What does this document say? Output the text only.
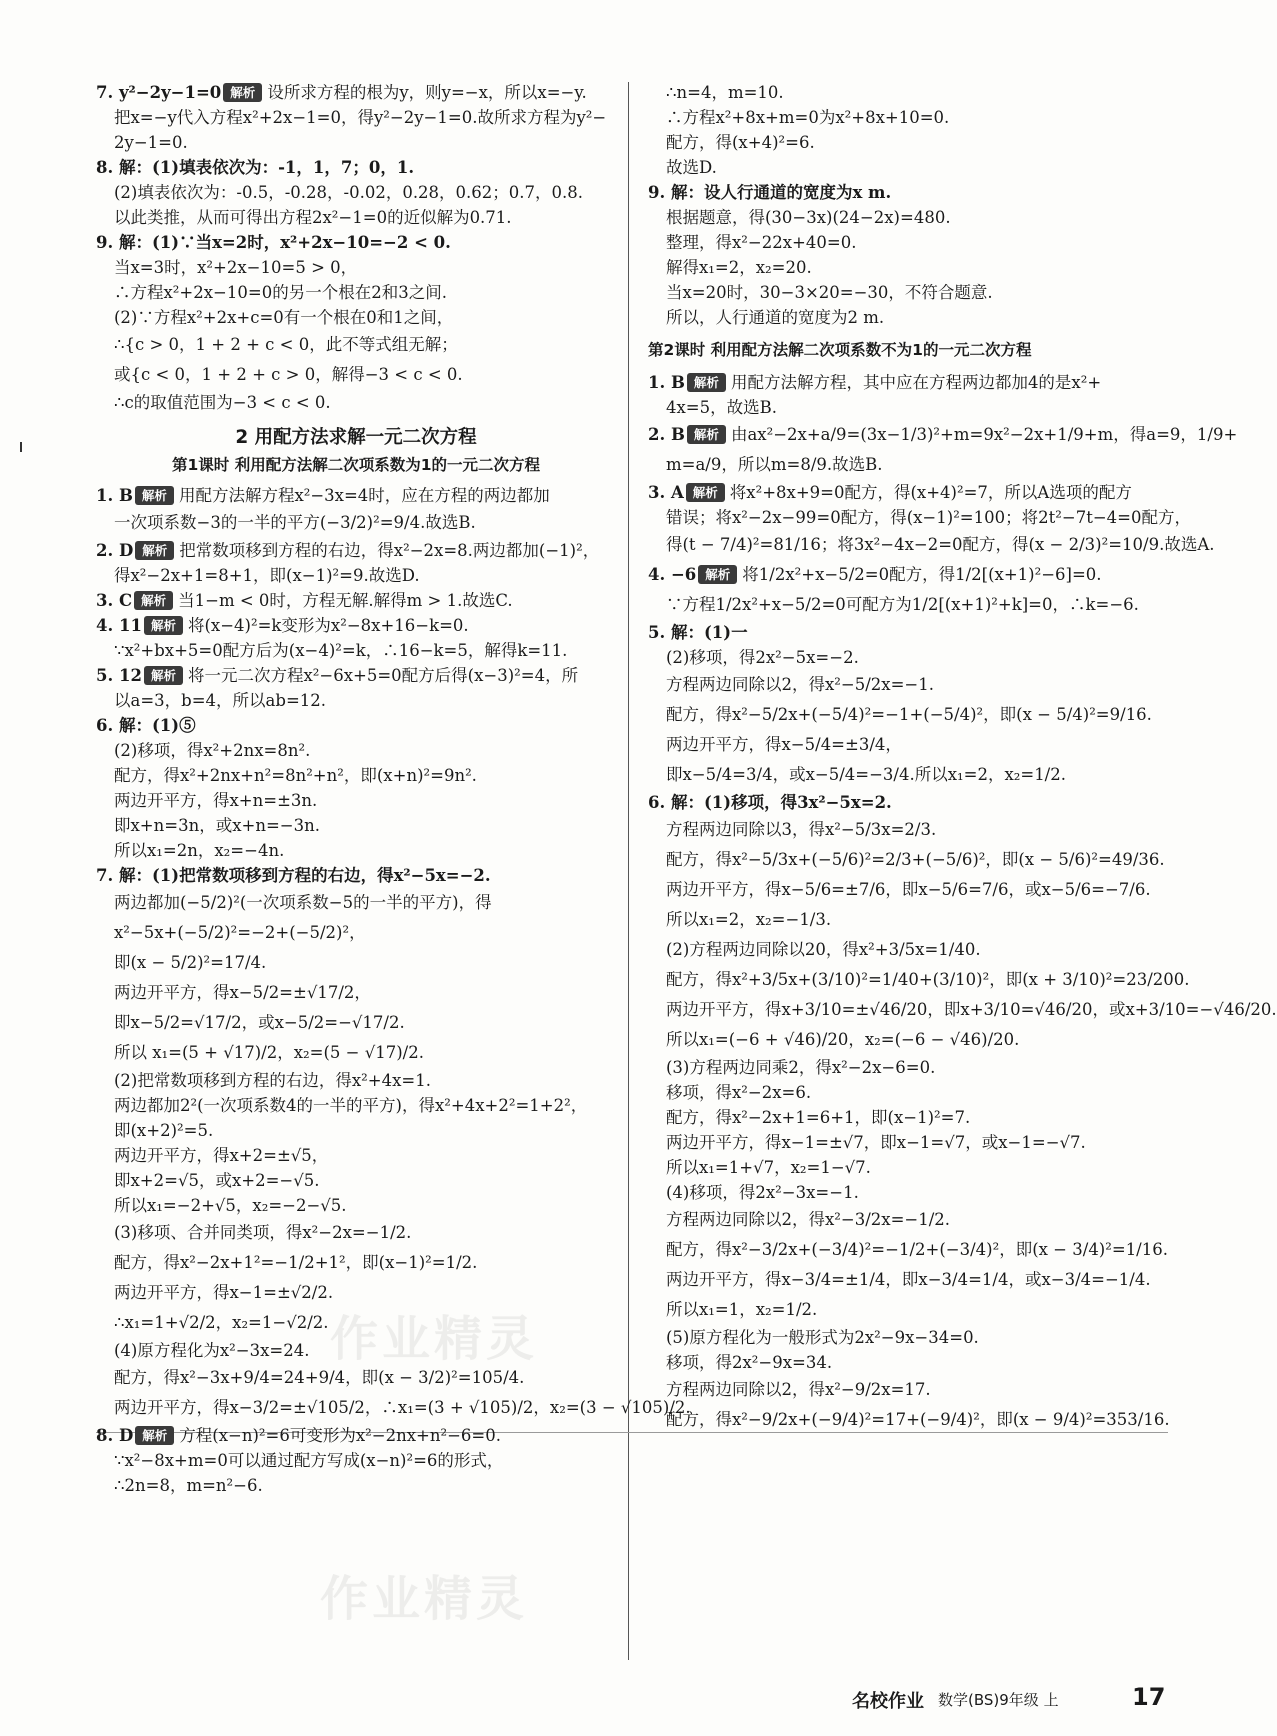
7. y²−2y−1=0 解析 设所求方程的根为y，则y=−x，所以x=−y.
把x=−y代入方程x²+2x−1=0，得y²−2y−1=0.故所求方程为y²−
2y−1=0.
8. 解：(1)填表依次为：-1，1，7；0，1.
(2)填表依次为：-0.5，-0.28，-0.02，0.28，0.62；0.7，0.8.
以此类推，从而可得出方程2x²−1=0的近似解为0.71.
9. 解：(1)∵当x=2时，x²+2x−10=−2 < 0.
当x=3时，x²+2x−10=5 > 0，
∴方程x²+2x−10=0的另一个根在2和3之间.
(2)∵方程x²+2x+c=0有一个根在0和1之间，
∴{c > 0，1 + 2 + c < 0，此不等式组无解；
或{c < 0，1 + 2 + c > 0，解得−3 < c < 0.
∴c的取值范围为−3 < c < 0.
2 用配方法求解一元二次方程
第1课时 利用配方法解二次项系数为1的一元二次方程
1. B 解析 用配方法解方程x²−3x=4时，应在方程的两边都加
一次项系数−3的一半的平方(−3/2)²=9/4.故选B.
2. D 解析 把常数项移到方程的右边，得x²−2x=8.两边都加(−1)²，
得x²−2x+1=8+1，即(x−1)²=9.故选D.
3. C 解析 当1−m < 0时，方程无解.解得m > 1.故选C.
4. 11 解析 将(x−4)²=k变形为x²−8x+16−k=0.
∵x²+bx+5=0配方后为(x−4)²=k，∴16−k=5，解得k=11.
5. 12 解析 将一元二次方程x²−6x+5=0配方后得(x−3)²=4，所
以a=3，b=4，所以ab=12.
6. 解：(1)⑤
(2)移项，得x²+2nx=8n².
配方，得x²+2nx+n²=8n²+n²，即(x+n)²=9n².
两边开平方，得x+n=±3n.
即x+n=3n，或x+n=−3n.
所以x₁=2n，x₂=−4n.
7. 解：(1)把常数项移到方程的右边，得x²−5x=−2.
两边都加(−5/2)²(一次项系数−5的一半的平方)，得
x²−5x+(−5/2)²=−2+(−5/2)²，
即(x − 5/2)²=17/4.
两边开平方，得x−5/2=±√17/2，
即x−5/2=√17/2，或x−5/2=−√17/2.
所以 x₁=(5 + √17)/2，x₂=(5 − √17)/2.
(2)把常数项移到方程的右边，得x²+4x=1.
两边都加2²(一次项系数4的一半的平方)，得x²+4x+2²=1+2²，
即(x+2)²=5.
两边开平方，得x+2=±√5，
即x+2=√5，或x+2=−√5.
所以x₁=−2+√5，x₂=−2−√5.
(3)移项、合并同类项，得x²−2x=−1/2.
配方，得x²−2x+1²=−1/2+1²，即(x−1)²=1/2.
两边开平方，得x−1=±√2/2.
∴x₁=1+√2/2，x₂=1−√2/2.
(4)原方程化为x²−3x=24.
配方，得x²−3x+9/4=24+9/4，即(x − 3/2)²=105/4.
两边开平方，得x−3/2=±√105/2，∴x₁=(3 + √105)/2，x₂=(3 − √105)/2.
8. D 解析 方程(x−n)²=6可变形为x²−2nx+n²−6=0.
∵x²−8x+m=0可以通过配方写成(x−n)²=6的形式，
∴2n=8，m=n²−6.
∴n=4，m=10.
∴方程x²+8x+m=0为x²+8x+10=0.
配方，得(x+4)²=6.
故选D.
9. 解：设人行通道的宽度为x m.
根据题意，得(30−3x)(24−2x)=480.
整理，得x²−22x+40=0.
解得x₁=2，x₂=20.
当x=20时，30−3×20=−30，不符合题意.
所以，人行通道的宽度为2 m.
第2课时 利用配方法解二次项系数不为1的一元二次方程
1. B 解析 用配方法解方程，其中应在方程两边都加4的是x²+
4x=5，故选B.
2. B 解析 由ax²−2x+a/9=(3x−1/3)²+m=9x²−2x+1/9+m，得a=9，1/9+
m=a/9，所以m=8/9.故选B.
3. A 解析 将x²+8x+9=0配方，得(x+4)²=7，所以A选项的配方
错误；将x²−2x−99=0配方，得(x−1)²=100；将2t²−7t−4=0配方，
得(t − 7/4)²=81/16；将3x²−4x−2=0配方，得(x − 2/3)²=10/9.故选A.
4. −6 解析 将1/2x²+x−5/2=0配方，得1/2[(x+1)²−6]=0.
∵方程1/2x²+x−5/2=0可配方为1/2[(x+1)²+k]=0，∴k=−6.
5. 解：(1)一
(2)移项，得2x²−5x=−2.
方程两边同除以2，得x²−5/2x=−1.
配方，得x²−5/2x+(−5/4)²=−1+(−5/4)²，即(x − 5/4)²=9/16.
两边开平方，得x−5/4=±3/4，
即x−5/4=3/4，或x−5/4=−3/4.所以x₁=2，x₂=1/2.
6. 解：(1)移项，得3x²−5x=2.
方程两边同除以3，得x²−5/3x=2/3.
配方，得x²−5/3x+(−5/6)²=2/3+(−5/6)²，即(x − 5/6)²=49/36.
两边开平方，得x−5/6=±7/6，即x−5/6=7/6，或x−5/6=−7/6.
所以x₁=2，x₂=−1/3.
(2)方程两边同除以20，得x²+3/5x=1/40.
配方，得x²+3/5x+(3/10)²=1/40+(3/10)²，即(x + 3/10)²=23/200.
两边开平方，得x+3/10=±√46/20，即x+3/10=√46/20，或x+3/10=−√46/20.
所以x₁=(−6 + √46)/20，x₂=(−6 − √46)/20.
(3)方程两边同乘2，得x²−2x−6=0.
移项，得x²−2x=6.
配方，得x²−2x+1=6+1，即(x−1)²=7.
两边开平方，得x−1=±√7，即x−1=√7，或x−1=−√7.
所以x₁=1+√7，x₂=1−√7.
(4)移项，得2x²−3x=−1.
方程两边同除以2，得x²−3/2x=−1/2.
配方，得x²−3/2x+(−3/4)²=−1/2+(−3/4)²，即(x − 3/4)²=1/16.
两边开平方，得x−3/4=±1/4，即x−3/4=1/4，或x−3/4=−1/4.
所以x₁=1，x₂=1/2.
(5)原方程化为一般形式为2x²−9x−34=0.
移项，得2x²−9x=34.
方程两边同除以2，得x²−9/2x=17.
配方，得x²−9/2x+(−9/4)²=17+(−9/4)²，即(x − 9/4)²=353/16.
作业精灵
作业精灵
名校作业 数学(BS)9年级 上	17
